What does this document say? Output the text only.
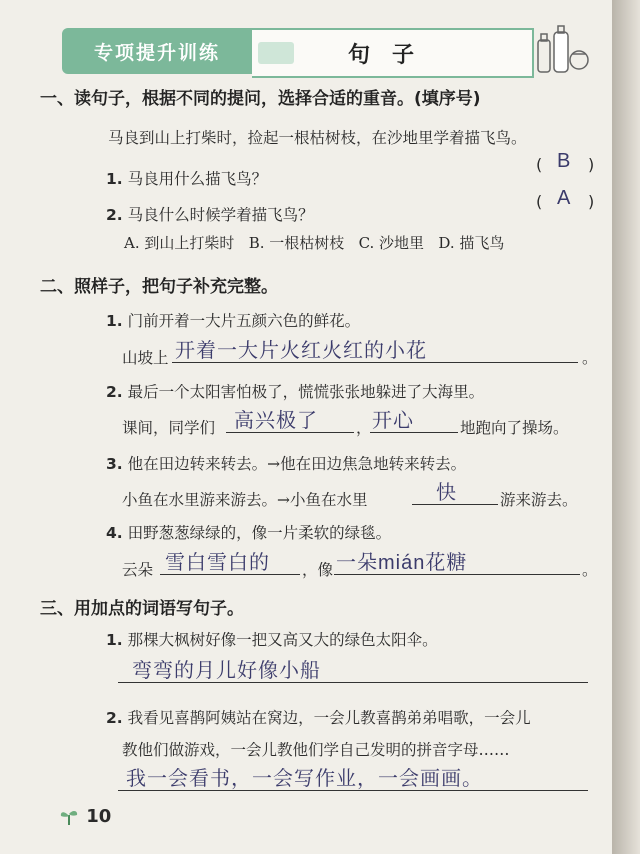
专项提升训练	句子
一、读句子，根据不同的提问，选择合适的重音。(填序号)
马良到山上打柴时，捡起一根枯树枝，在沙地里学着描飞鸟。
1. 马良用什么描飞鸟？
( B )
2. 马良什么时候学着描飞鸟？
( A )
A. 到山上打柴时 B. 一根枯树枝 C. 沙地里 D. 描飞鸟
二、照样子，把句子补充完整。
1. 门前开着一大片五颜六色的鲜花。
山坡上 开着一大片火红火红的小花	。
2. 最后一个太阳害怕极了，慌慌张张地躲进了大海里。
课间，同学们 高兴极了 ， 开心	地跑向了操场。
3. 他在田边转来转去。→他在田边焦急地转来转去。
小鱼在水里游来游去。→小鱼在水里	快	游来游去。
4. 田野葱葱绿绿的，像一片柔软的绿毯。
云朵 雪白雪白的 ，像 一朵mián花糖	。
三、用加点的词语写句子。
1. 那棵大枫树好像一把又高又大的绿色太阳伞。
弯弯的月儿好像小船
2. 我看见喜鹊阿姨站在窝边，一会儿教喜鹊弟弟唱歌，一会儿
教他们做游戏，一会儿教他们学自己发明的拼音字母……
我一会看书，一会写作业，一会画画。
10
